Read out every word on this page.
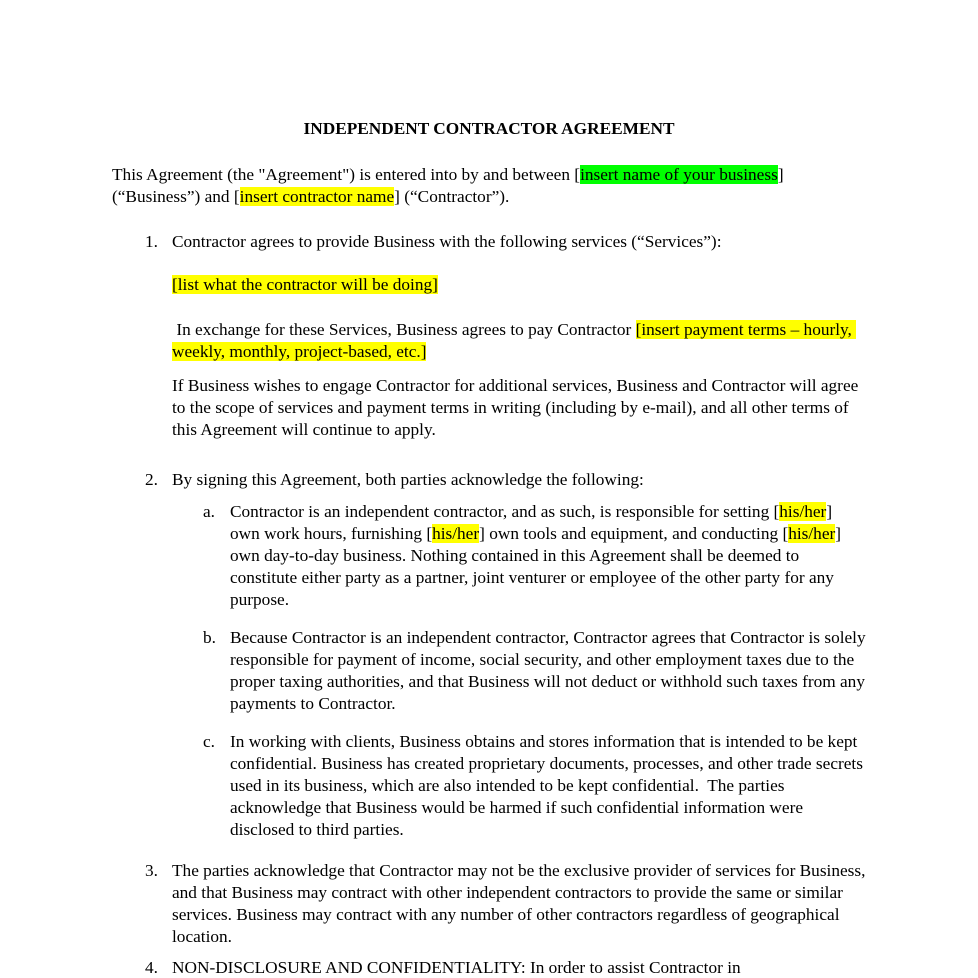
INDEPENDENT CONTRACTOR AGREEMENT

This Agreement (the "Agreement") is entered into by and between [insert name of your business] (“Business”) and [insert contractor name] (“Contractor”).

1. Contractor agrees to provide Business with the following services (“Services”):

[list what the contractor will be doing]

In exchange for these Services, Business agrees to pay Contractor [insert payment terms – hourly, weekly, monthly, project-based, etc.]

If Business wishes to engage Contractor for additional services, Business and Contractor will agree to the scope of services and payment terms in writing (including by e-mail), and all other terms of this Agreement will continue to apply.

2. By signing this Agreement, both parties acknowledge the following:

a. Contractor is an independent contractor, and as such, is responsible for setting [his/her] own work hours, furnishing [his/her] own tools and equipment, and conducting [his/her] own day-to-day business. Nothing contained in this Agreement shall be deemed to constitute either party as a partner, joint venturer or employee of the other party for any purpose.

b. Because Contractor is an independent contractor, Contractor agrees that Contractor is solely responsible for payment of income, social security, and other employment taxes due to the proper taxing authorities, and that Business will not deduct or withhold such taxes from any payments to Contractor.

c. In working with clients, Business obtains and stores information that is intended to be kept confidential. Business has created proprietary documents, processes, and other trade secrets used in its business, which are also intended to be kept confidential.  The parties acknowledge that Business would be harmed if such confidential information were disclosed to third parties.

3. The parties acknowledge that Contractor may not be the exclusive provider of services for Business, and that Business may contract with other independent contractors to provide the same or similar services. Business may contract with any number of other contractors regardless of geographical location.

4. NON-DISCLOSURE AND CONFIDENTIALITY: In order to assist Contractor in
